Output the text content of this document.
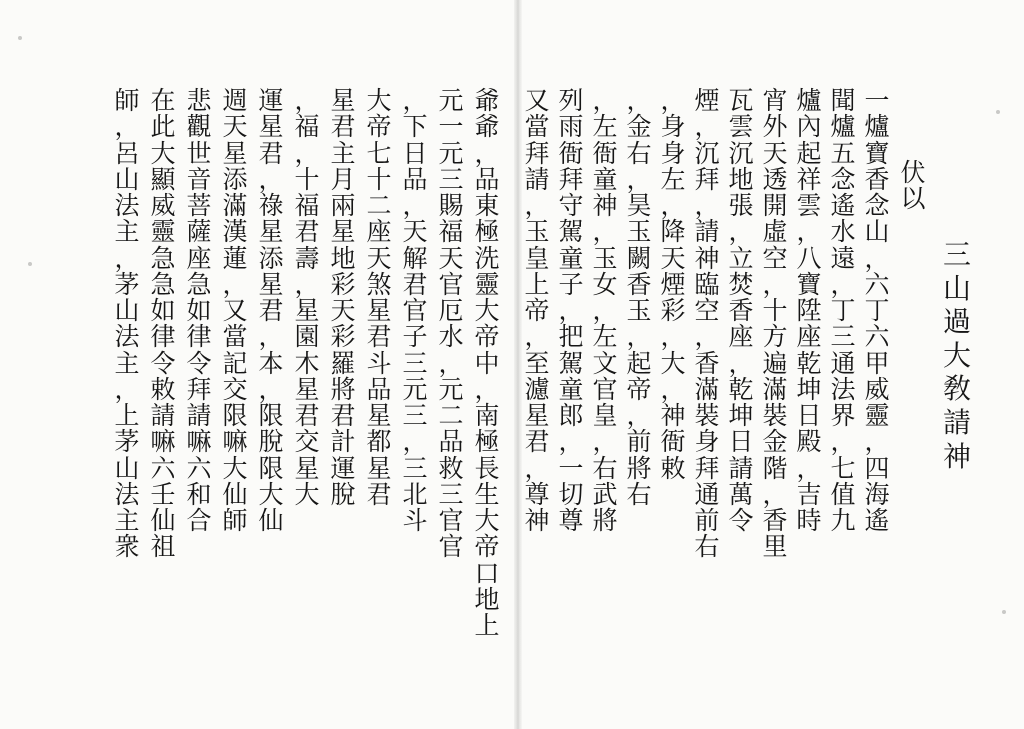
爺爺，品東極洗靈大帝中，南極長生大帝口地上

元一元三賜福天官厄水，元二品救三官官

，下日品，天解君官子三元三，三北斗

大帝七十二座天煞星君斗品星都星君

星君主月兩星地彩天彩羅將君計運脫

，福，十福君壽，星園木星君交星大

運星君，祿星添星君，本，限脫限大仙

週天星添滿漢蓮，又當記交限嘛大仙師

悲觀世音菩薩座急如律令拜請嘛六和合

在此大顯威靈急急如律令敕請嘛六壬仙祖

師，呂山法主，茅山法主，上茅山法主衆

三山過大敎請神

伏以

一爐寶香念山，六丁六甲威靈，四海遙

聞爐五念遙水遠，丁三通法界，七值九

爐內起祥雲，八寶陞座乾坤日殿，吉時

宵外天透開虛空，十方遍滿裝金階，香里

瓦雲沉地張，立焚香座，乾坤日請萬令

煙，沉拜，請神臨空，香滿裝身拜通前右

，身身左，降天煙彩，大，神衙敕

，金右，昊玉闕香玉，起帝，前將右

，左衙童神，玉女，左文官皇，右武將

列雨衙拜守駕童子，把駕童郎，一切尊

又當拜請，玉皇上帝，至濾星君，尊神
